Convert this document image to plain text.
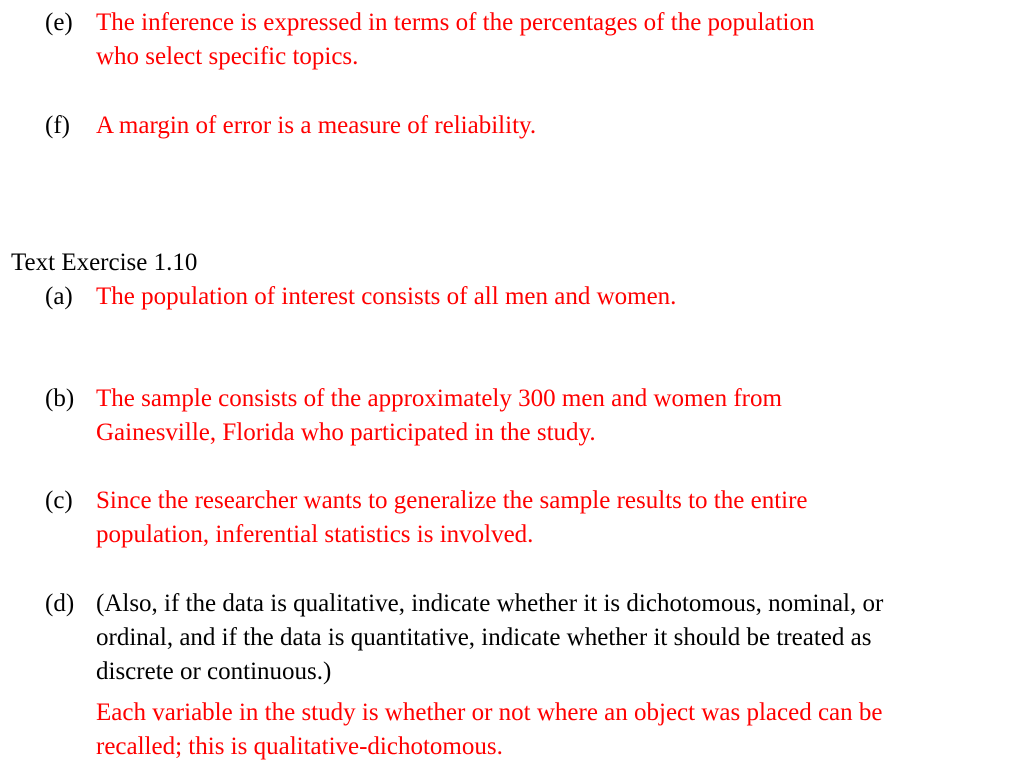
(e) The inference is expressed in terms of the percentages of the population
who select specific topics.
(f) A margin of error is a measure of reliability.
Text Exercise 1.10
(a) The population of interest consists of all men and women.
(b) The sample consists of the approximately 300 men and women from
Gainesville, Florida who participated in the study.
(c) Since the researcher wants to generalize the sample results to the entire
population, inferential statistics is involved.
(d) (Also, if the data is qualitative, indicate whether it is dichotomous, nominal, or
ordinal, and if the data is quantitative, indicate whether it should be treated as
discrete or continuous.)
Each variable in the study is whether or not where an object was placed can be
recalled; this is qualitative-dichotomous.
